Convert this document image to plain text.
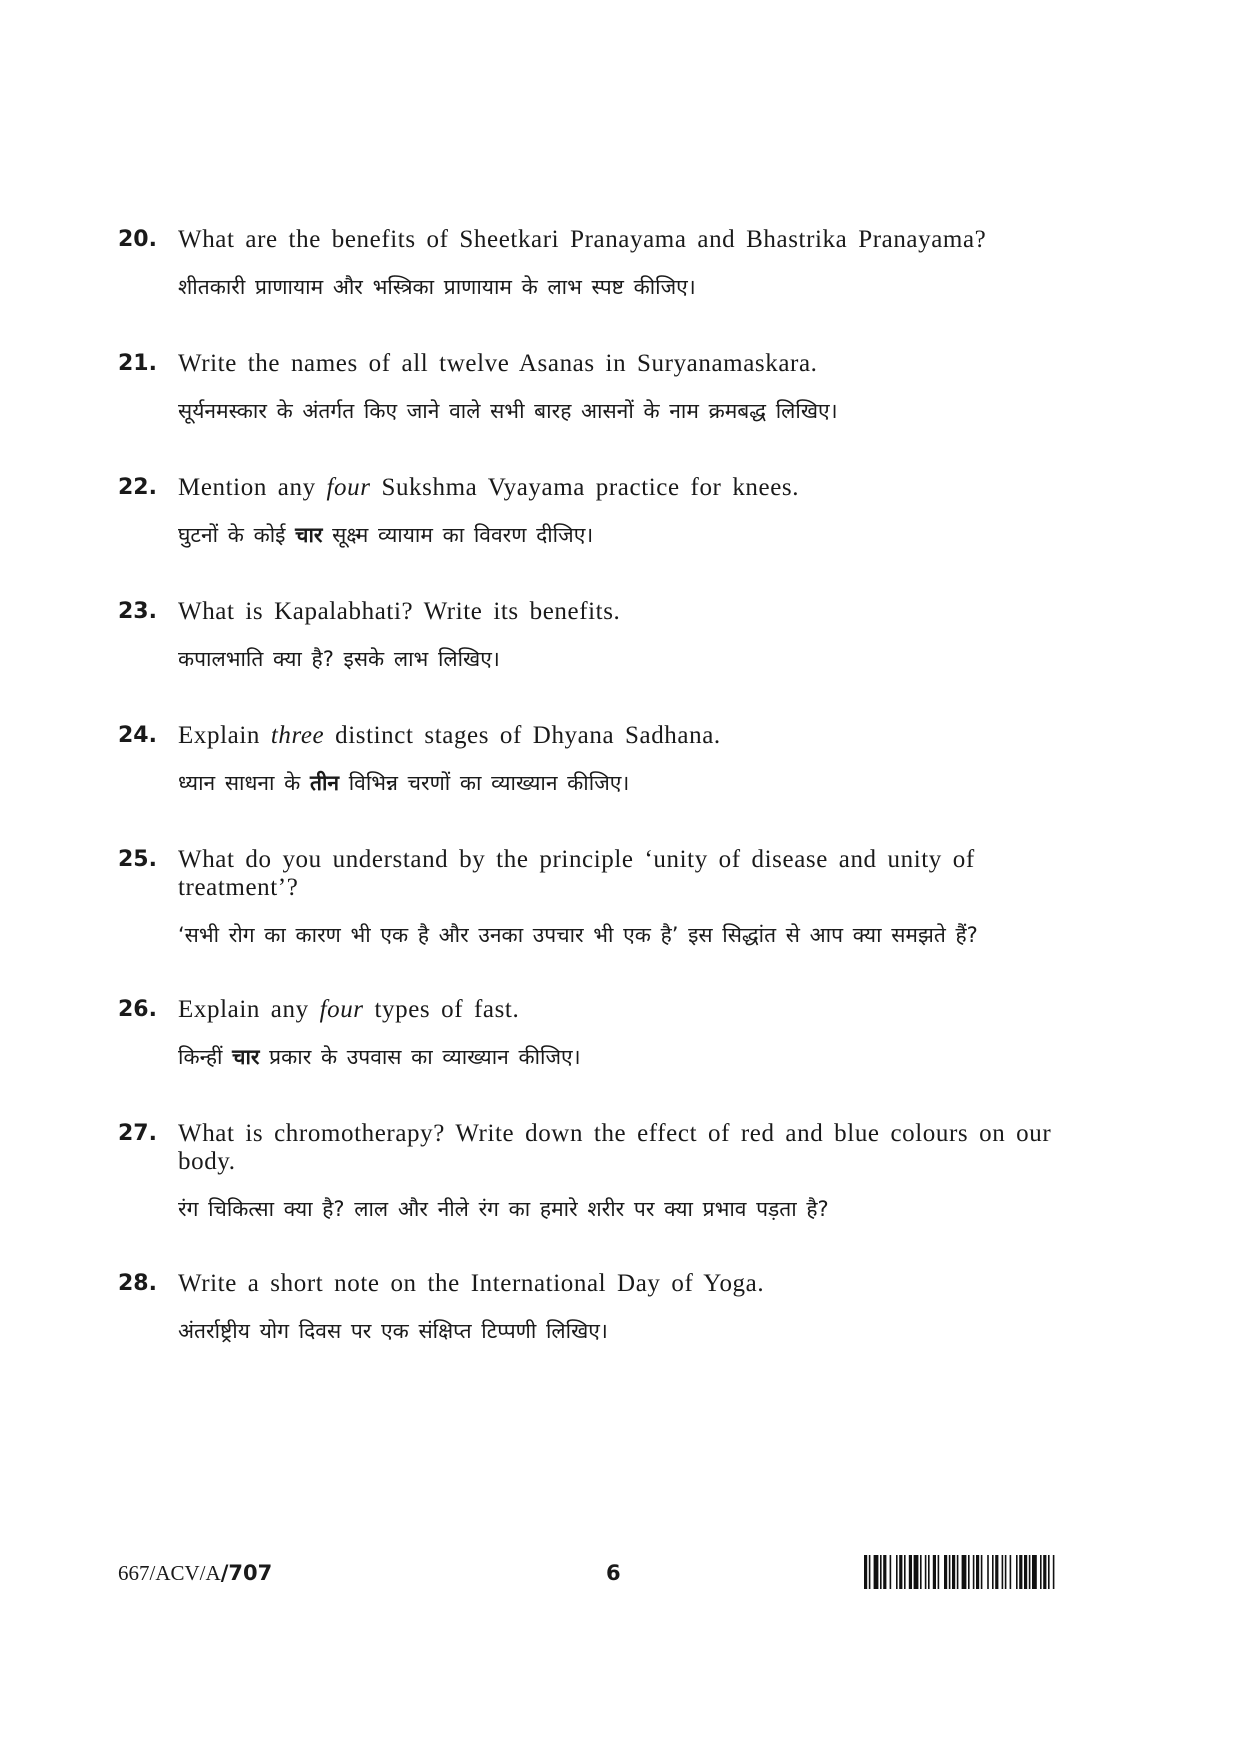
20. What are the benefits of Sheetkari Pranayama and Bhastrika Pranayama?
शीतकारी प्राणायाम और भस्त्रिका प्राणायाम के लाभ स्पष्ट कीजिए।
21. Write the names of all twelve Asanas in Suryanamaskara.
सूर्यनमस्कार के अंतर्गत किए जाने वाले सभी बारह आसनों के नाम क्रमबद्ध लिखिए।
22. Mention any four Sukshma Vyayama practice for knees.
घुटनों के कोई चार सूक्ष्म व्यायाम का विवरण दीजिए।
23. What is Kapalabhati? Write its benefits.
कपालभाति क्या है? इसके लाभ लिखिए।
24. Explain three distinct stages of Dhyana Sadhana.
ध्यान साधना के तीन विभिन्न चरणों का व्याख्यान कीजिए।
25. What do you understand by the principle ‘unity of disease and unity of treatment’?
‘सभी रोग का कारण भी एक है और उनका उपचार भी एक है’ इस सिद्धांत से आप क्या समझते हैं?
26. Explain any four types of fast.
किन्हीं चार प्रकार के उपवास का व्याख्यान कीजिए।
27. What is chromotherapy? Write down the effect of red and blue colours on our body.
रंग चिकित्सा क्या है? लाल और नीले रंग का हमारे शरीर पर क्या प्रभाव पड़ता है?
28. Write a short note on the International Day of Yoga.
अंतर्राष्ट्रीय योग दिवस पर एक संक्षिप्त टिप्पणी लिखिए।
667/ACV/A/707	6
